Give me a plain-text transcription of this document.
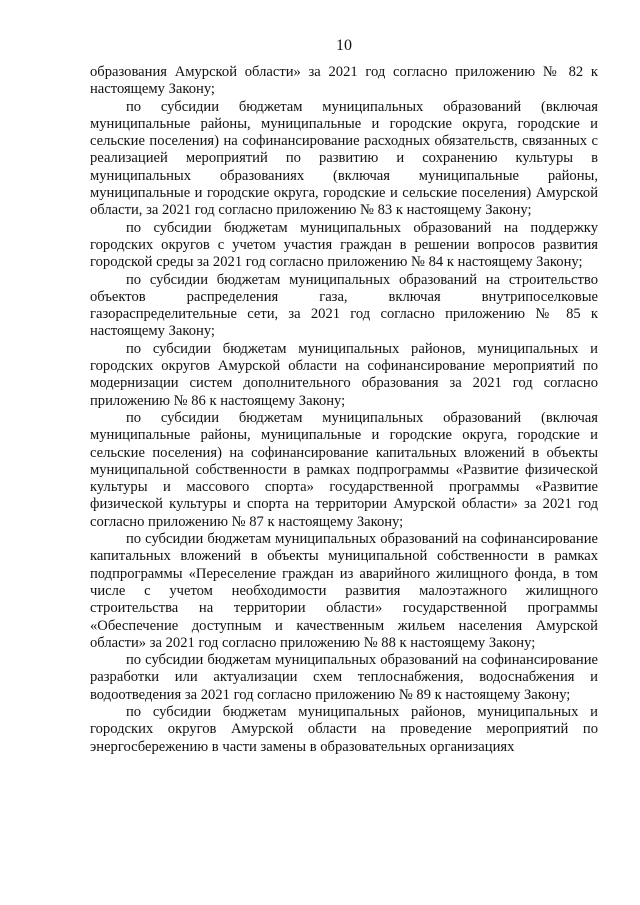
10

образования Амурской области» за 2021 год согласно приложению № 82 к настоящему Закону;

по субсидии бюджетам муниципальных образований (включая муниципальные районы, муниципальные и городские округа, городские и сельские поселения) на софинансирование расходных обязательств, связанных с реализацией мероприятий по развитию и сохранению культуры в муниципальных образованиях (включая муниципальные районы, муниципальные и городские округа, городские и сельские поселения) Амурской области, за 2021 год согласно приложению № 83 к настоящему Закону;

по субсидии бюджетам муниципальных образований на поддержку городских округов с учетом участия граждан в решении вопросов развития городской среды за 2021 год согласно приложению № 84 к настоящему Закону;

по субсидии бюджетам муниципальных образований на строительство объектов распределения газа, включая внутрипоселковые газораспределительные сети, за 2021 год согласно приложению № 85 к настоящему Закону;

по субсидии бюджетам муниципальных районов, муниципальных и городских округов Амурской области на софинансирование мероприятий по модернизации систем дополнительного образования за 2021 год согласно приложению № 86 к настоящему Закону;

по субсидии бюджетам муниципальных образований (включая муниципальные районы, муниципальные и городские округа, городские и сельские поселения) на софинансирование капитальных вложений в объекты муниципальной собственности в рамках подпрограммы «Развитие физической культуры и массового спорта» государственной программы «Развитие физической культуры и спорта на территории Амурской области» за 2021 год согласно приложению № 87 к настоящему Закону;

по субсидии бюджетам муниципальных образований на софинансирование капитальных вложений в объекты муниципальной собственности в рамках подпрограммы «Переселение граждан из аварийного жилищного фонда, в том числе с учетом необходимости развития малоэтажного жилищного строительства на территории области» государственной программы «Обеспечение доступным и качественным жильем населения Амурской области» за 2021 год согласно приложению № 88 к настоящему Закону;

по субсидии бюджетам муниципальных образований на софинансирование разработки или актуализации схем теплоснабжения, водоснабжения и водоотведения за 2021 год согласно приложению № 89 к настоящему Закону;

по субсидии бюджетам муниципальных районов, муниципальных и городских округов Амурской области на проведение мероприятий по энергосбережению в части замены в образовательных организациях
